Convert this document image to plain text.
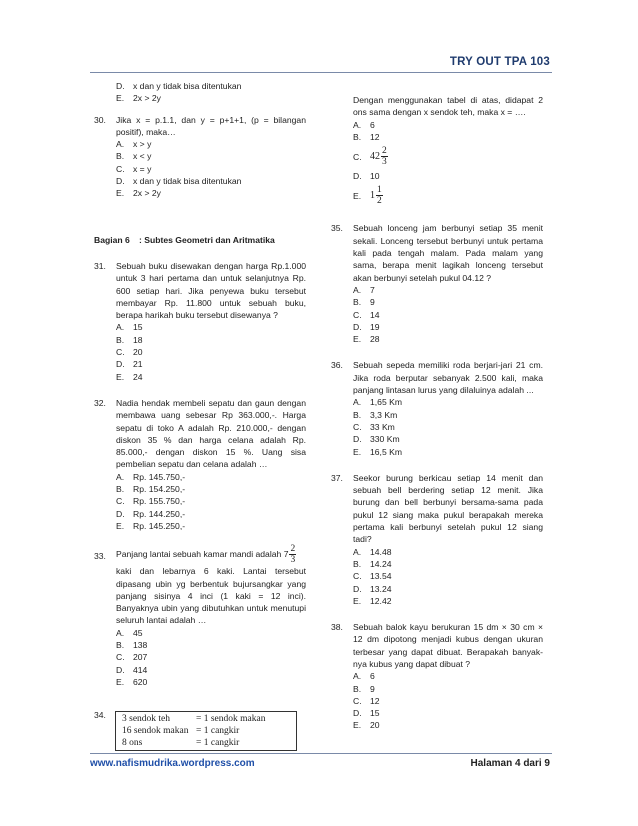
TRY OUT TPA 103
D. x dan y tidak bisa ditentukan
E.	2x > 2y
30.	Jika x = p.1.1, dan y = p+1+1, (p = bilangan positif), maka…
A.	x > y
B.	x < y
C. x = y
D. x dan y tidak bisa ditentukan
E.	2x > 2y
Bagian 6	: Subtes Geometri dan Aritmatika
31.	Sebuah buku disewakan dengan harga Rp.1.000 untuk 3 hari pertama dan untuk selanjutnya Rp. 600 setiap hari. Jika penyewa buku tersebut membayar Rp. 11.800 untuk sebuah buku, berapa harikah buku tersebut disewanya ?
A.	15
B.	18
C. 20
D. 21
E.	24
32.	Nadia hendak membeli sepatu dan gaun dengan membawa uang sebesar Rp 363.000,-. Harga sepatu di toko A adalah Rp. 210.000,- dengan diskon 35 % dan harga celana adalah Rp. 85.000,- dengan diskon 15 %. Uang sisa pembelian sepatu dan celana adalah …
A.	Rp. 145.750,-
B.	Rp. 154.250,-
C. Rp. 155.750,-
D. Rp. 144.250,-
E.	Rp. 145.250,-
33.	Panjang lantai sebuah kamar mandi adalah $7 \frac{2}{3}$
kaki dan lebarnya 6 kaki. Lantai tersebut dipasang ubin yg berbentuk bujursangkar yang panjang sisinya 4 inci (1 kaki = 12 inci). Banyaknya ubin yang dibutuhkan untuk menutupi seluruh lantai adalah …
A.	45
B.	138
C. 207
D. 414
E.	620
34. 3 sendok teh	= 1 sendok makan
16 sendok makan = 1 cangkir
8 ons	= 1 cangkir
Dengan menggunakan tabel di atas, didapat 2 ons sama dengan x sendok teh, maka x = ….
A.	6
B.	12
C. $42 \frac{2}{3}$
D. 10
E. $1 \frac{1}{2}$
35.	Sebuah lonceng jam berbunyi setiap 35 menit sekali. Lonceng tersebut berbunyi untuk pertama kali pada tengah malam. Pada malam yang sama, berapa menit lagikah lonceng tersebut akan berbunyi setelah pukul 04.12 ?
A.	7
B.	9
C. 14
D. 19
E.	28
36.	Sebuah sepeda memiliki roda berjari-jari 21 cm. Jika roda berputar sebanyak 2.500 kali, maka panjang lintasan lurus yang dilaluinya adalah ...
A.	1,65 Km
B.	3,3 Km
C. 33 Km
D. 330 Km
E.	16,5 Km
37.	Seekor burung berkicau setiap 14 menit dan sebuah bell berdering setiap 12 menit. Jika burung dan bell berbunyi bersama-sama pada pukul 12 siang maka pukul berapakah mereka pertama kali berbunyi setelah pukul 12 siang tadi?
A.	14.48
B.	14.24
C. 13.54
D. 13.24
E.	12.42
38.	Sebuah balok kayu berukuran 15 dm × 30 cm × 12 dm dipotong menjadi kubus dengan ukuran terbesar yang dapat dibuat. Berapakah banyak-nya kubus yang dapat dibuat ?
A.	6
B.	9
C. 12
D. 15
E.	20
www.nafismudrika.wordpress.com	Halaman 4 dari 9
